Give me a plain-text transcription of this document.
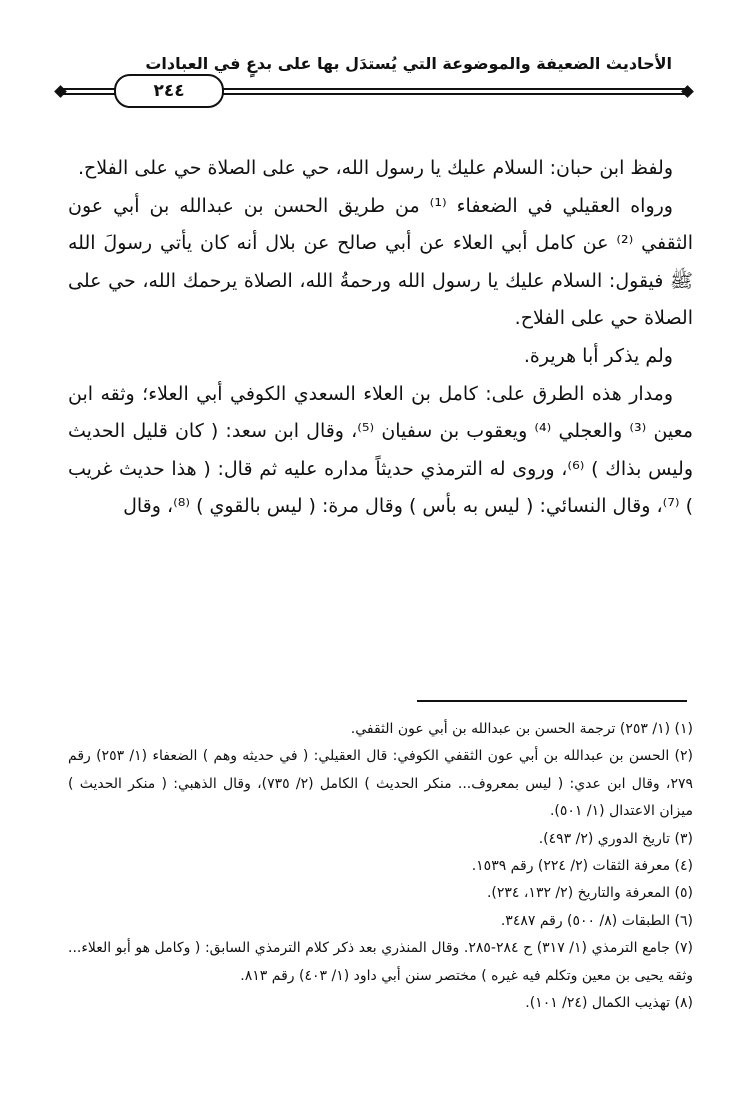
الأحاديث الضعيفة والموضوعة التي يُستدَل بها على بدعٍ في العبادات
٢٤٤

ولفظ ابن حبان: السلام عليك يا رسول الله، حي على الصلاة حي على الفلاح.

ورواه العقيلي في الضعفاء ⁽¹⁾ من طريق الحسن بن عبدالله بن أبي عون الثقفي ⁽²⁾ عن كامل أبي العلاء عن أبي صالح عن بلال أنه كان يأتي رسولَ الله ﷺ فيقول: السلام عليك يا رسول الله ورحمةُ الله، الصلاة يرحمك الله، حي على الصلاة حي على الفلاح.

ولم يذكر أبا هريرة.

ومدار هذه الطرق على: كامل بن العلاء السعدي الكوفي أبي العلاء؛ وثقه ابن معين ⁽³⁾ والعجلي ⁽⁴⁾ ويعقوب بن سفيان ⁽⁵⁾، وقال ابن سعد: ( كان قليل الحديث وليس بذاك ) ⁽⁶⁾، وروى له الترمذي حديثاً مداره عليه ثم قال: ( هذا حديث غريب ) ⁽⁷⁾، وقال النسائي: ( ليس به بأس ) وقال مرة: ( ليس بالقوي ) ⁽⁸⁾، وقال

(١) (١/ ٢٥٣) ترجمة الحسن بن عبدالله بن أبي عون الثقفي.

(٢) الحسن بن عبدالله بن أبي عون الثقفي الكوفي: قال العقيلي: ( في حديثه وهم ) الضعفاء (١/ ٢٥٣) رقم ٢٧٩، وقال ابن عدي: ( ليس بمعروف... منكر الحديث ) الكامل (٢/ ٧٣٥)، وقال الذهبي: ( منكر الحديث ) ميزان الاعتدال (١/ ٥٠١).

(٣) تاريخ الدوري (٢/ ٤٩٣).

(٤) معرفة الثقات (٢/ ٢٢٤) رقم ١٥٣٩.

(٥) المعرفة والتاريخ (٢/ ١٣٢، ٢٣٤).

(٦) الطبقات (٨/ ٥٠٠) رقم ٣٤٨٧.

(٧) جامع الترمذي (١/ ٣١٧) ح ٢٨٤-٢٨٥. وقال المنذري بعد ذكر كلام الترمذي السابق: ( وكامل هو أبو العلاء... وثقه يحيى بن معين وتكلم فيه غيره ) مختصر سنن أبي داود (١/ ٤٠٣) رقم ٨١٣.

(٨) تهذيب الكمال (٢٤/ ١٠١).
